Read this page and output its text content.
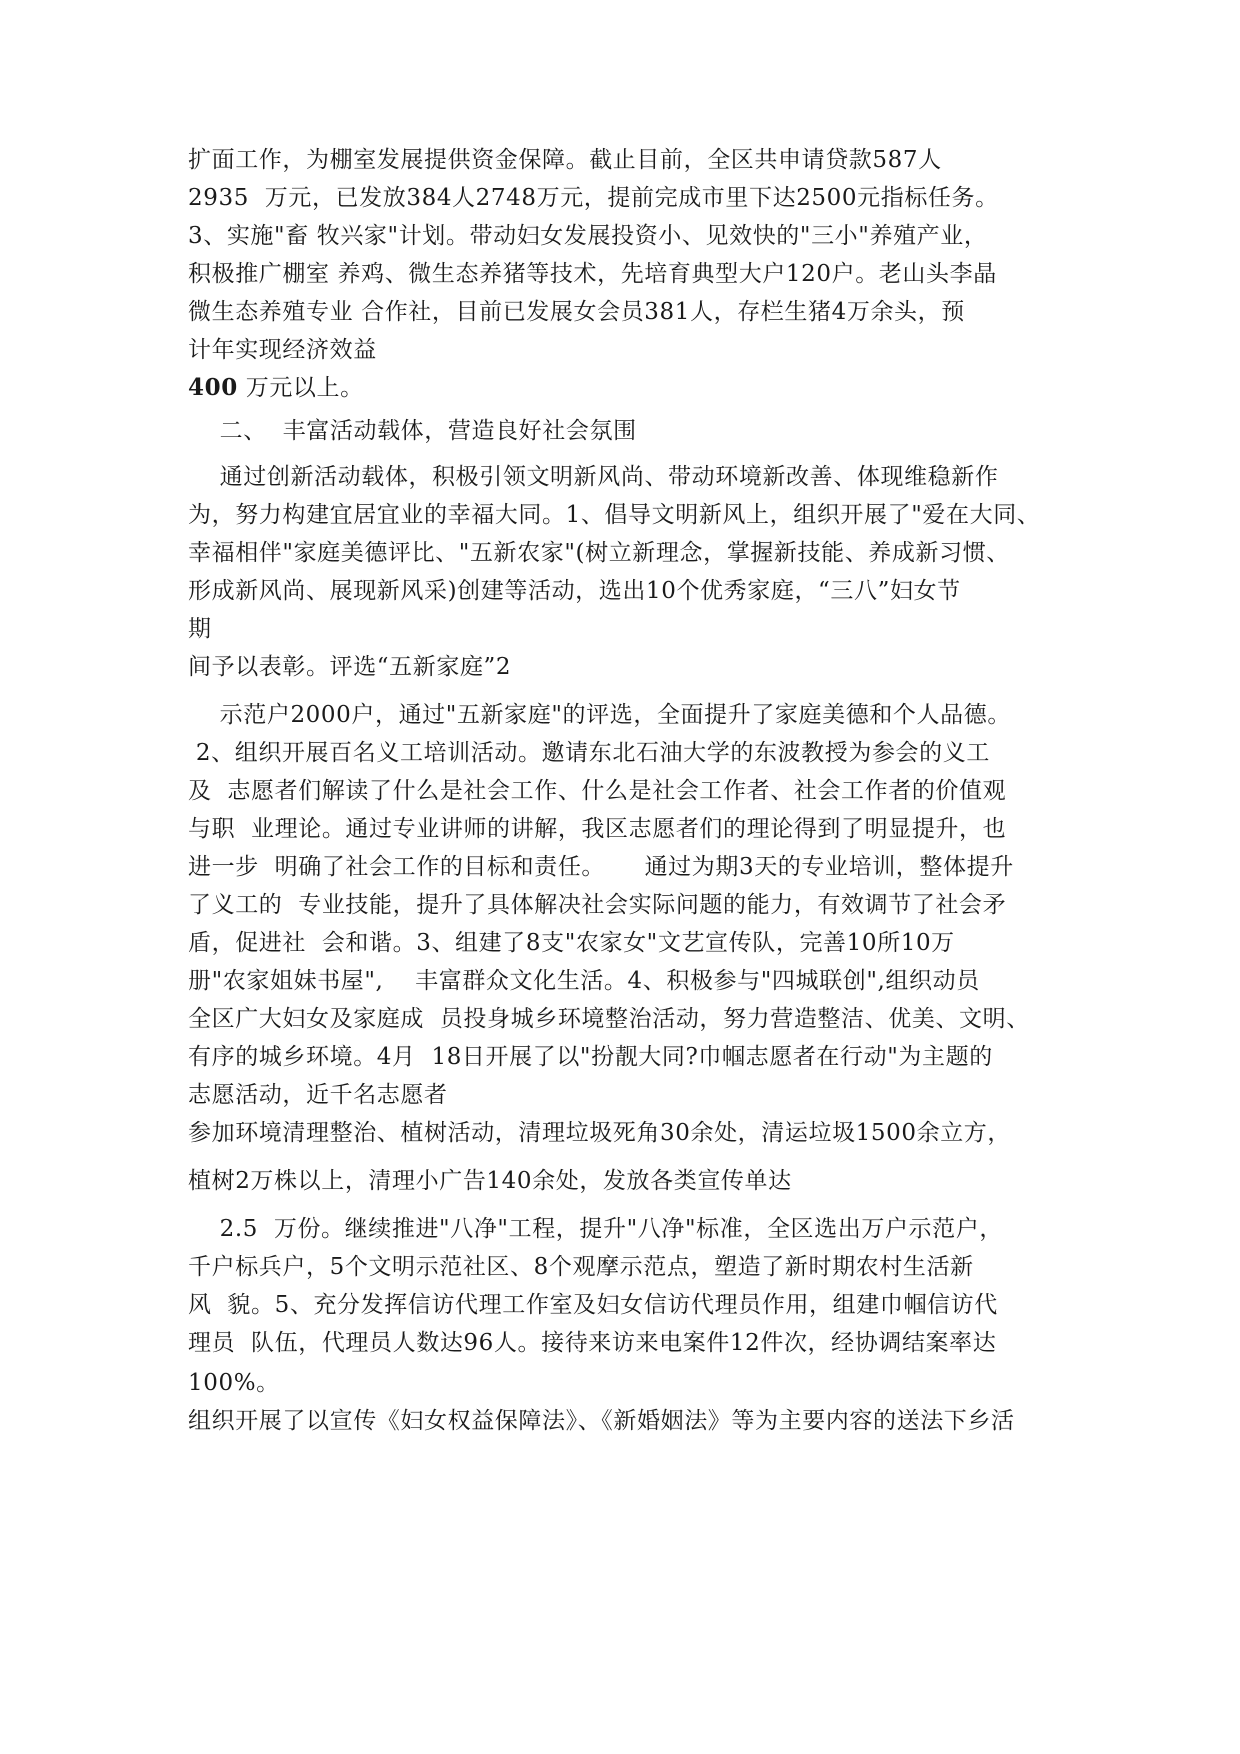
扩面工作，为棚室发展提供资金保障。截止目前，全区共申请贷款587人
2935  万元，已发放384人2748万元，提前完成市里下达2500元指标任务。
3、实施"畜 牧兴家"计划。带动妇女发展投资小、见效快的"三小"养殖产业，
积极推广棚室 养鸡、微生态养猪等技术，先培育典型大户120户。老山头李晶
微生态养殖专业 合作社，目前已发展女会员381人，存栏生猪4万余头，预
计年实现经济效益
400 万元以上。
二、  丰富活动载体，营造良好社会氛围
通过创新活动载体，积极引领文明新风尚、带动环境新改善、体现维稳新作
为，努力构建宜居宜业的幸福大同。1、倡导文明新风上，组织开展了"爱在大同、
幸福相伴"家庭美德评比、"五新农家"(树立新理念，掌握新技能、养成新习惯、
形成新风尚、展现新风采)创建等活动，选出10个优秀家庭，“三八”妇女节
期
间予以表彰。评选“五新家庭”2
示范户2000户，通过"五新家庭"的评选，全面提升了家庭美德和个人品德。
2、组织开展百名义工培训活动。邀请东北石油大学的东波教授为参会的义工
及  志愿者们解读了什么是社会工作、什么是社会工作者、社会工作者的价值观
与职  业理论。通过专业讲师的讲解，我区志愿者们的理论得到了明显提升，也
进一步  明确了社会工作的目标和责任。     通过为期3天的专业培训，整体提升
了义工的  专业技能，提升了具体解决社会实际问题的能力，有效调节了社会矛
盾，促进社  会和谐。3、组建了8支"农家女"文艺宣传队，完善10所10万
册"农家姐妹书屋",    丰富群众文化生活。4、积极参与"四城联创",组织动员
全区广大妇女及家庭成  员投身城乡环境整治活动，努力营造整洁、优美、文明、
有序的城乡环境。4月  18日开展了以"扮靓大同?巾帼志愿者在行动"为主题的
志愿活动，近千名志愿者
参加环境清理整治、植树活动，清理垃圾死角30余处，清运垃圾1500余立方，
植树2万株以上，清理小广告140余处，发放各类宣传单达
2.5  万份。继续推进"八净"工程，提升"八净"标准，全区选出万户示范户，
千户标兵户，5个文明示范社区、8个观摩示范点，塑造了新时期农村生活新
风  貌。5、充分发挥信访代理工作室及妇女信访代理员作用，组建巾帼信访代
理员  队伍，代理员人数达96人。接待来访来电案件12件次，经协调结案率达
100%。
组织开展了以宣传《妇女权益保障法》、《新婚姻法》等为主要内容的送法下乡活
